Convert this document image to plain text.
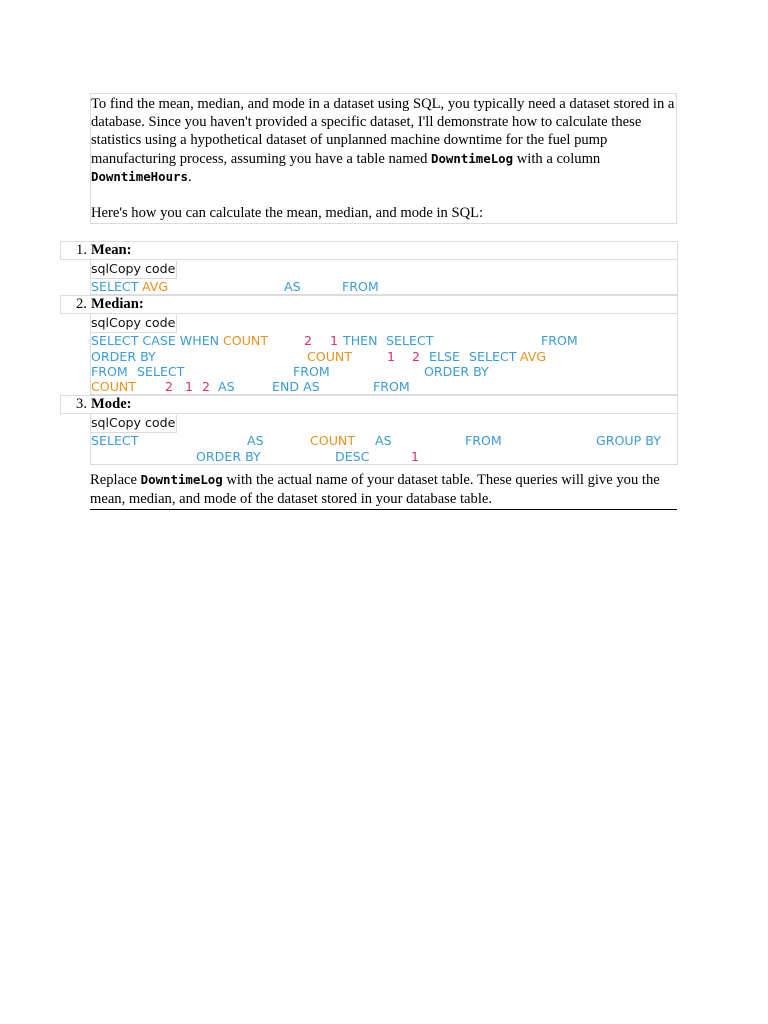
To find the mean, median, and mode in a dataset using SQL, you typically need a dataset stored in a database. Since you haven't provided a specific dataset, I'll demonstrate how to calculate these statistics using a hypothetical dataset of unplanned machine downtime for the fuel pump manufacturing process, assuming you have a table named DowntimeLog with a column DowntimeHours.

Here's how you can calculate the mean, median, and mode in SQL:

1. Mean:
sqlCopy code
SELECT AVG	AS	FROM
2. Median:
sqlCopy code
SELECT CASE WHEN COUNT	2 1 THEN SELECT	FROM
ORDER BY	COUNT	1 2 ELSE SELECT AVG
FROM SELECT	FROM	ORDER BY
COUNT 2 1 2 AS	END AS	FROM
3. Mode:
sqlCopy code
SELECT	AS	COUNT AS	FROM	GROUP BY
ORDER BY	DESC	1

Replace DowntimeLog with the actual name of your dataset table. These queries will give you the mean, median, and mode of the dataset stored in your database table.
